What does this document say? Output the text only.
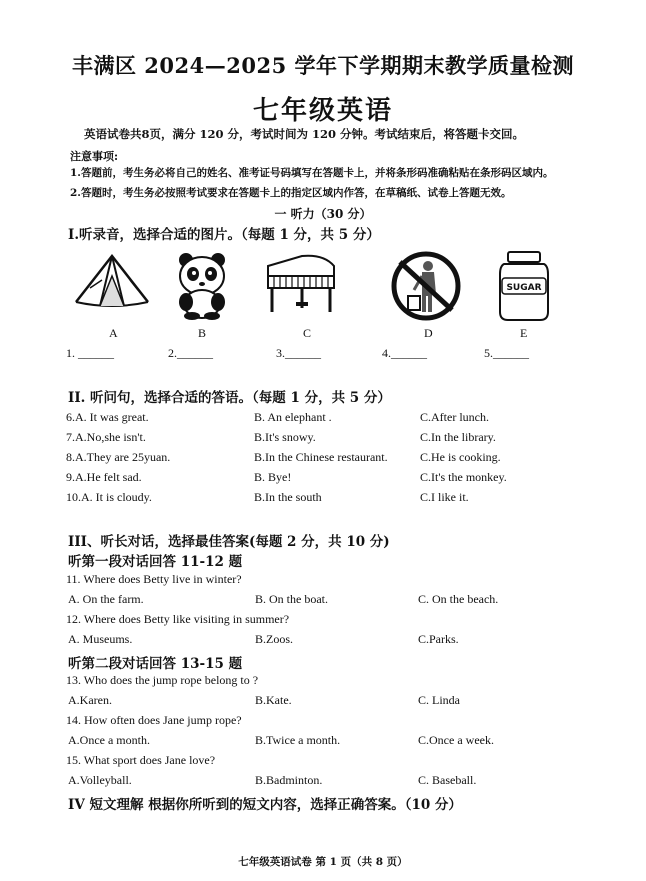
丰满区 2024—2025 学年下学期期末教学质量检测
七年级英语
英语试卷共8页，满分 120 分，考试时间为 120 分钟。考试结束后，将答题卡交回。
注意事项:
1.答题前，考生务必将自己的姓名、准考证号码填写在答题卡上，并将条形码准确粘贴在条形码区域内。
2.答题时，考生务必按照考试要求在答题卡上的指定区域内作答，在草稿纸、试卷上答题无效。
一 听力（30 分）
I.听录音，选择合适的图片。（每题 1 分，共 5 分）
SUGAR
A	B	C	D	E
1. ______	2.______	3.______	4.______	5.______
II. 听问句，选择合适的答语。（每题 1 分，共 5 分）
6.A. It was great.	B. An elephant .	C.After lunch.
7.A.No,she isn't.	B.It's snowy.	C.In the library.
8.A.They are 25yuan.	B.In the Chinese restaurant.	C.He is cooking.
9.A.He felt sad.	B. Bye!	C.It's the monkey.
10.A. It is cloudy.	B.In the south	C.I like it.
III、听长对话，选择最佳答案(每题 2 分，共 10 分)
听第一段对话回答 11-12 题
11. Where does Betty live in winter?
A. On the farm.	B. On the boat.	C. On the beach.
12. Where does Betty like visiting in summer?
A. Museums.	B.Zoos.	C.Parks.
听第二段对话回答 13-15 题
13. Who does the jump rope belong to ?
A.Karen.	B.Kate.	C. Linda
14. How often does Jane jump rope?
A.Once a month.	B.Twice a month.	C.Once a week.
15. What sport does Jane love?
A.Volleyball.	B.Badminton.	C. Baseball.
IV 短文理解 根据你所听到的短文内容，选择正确答案。（10 分）
七年级英语试卷 第 1 页（共 8 页）
